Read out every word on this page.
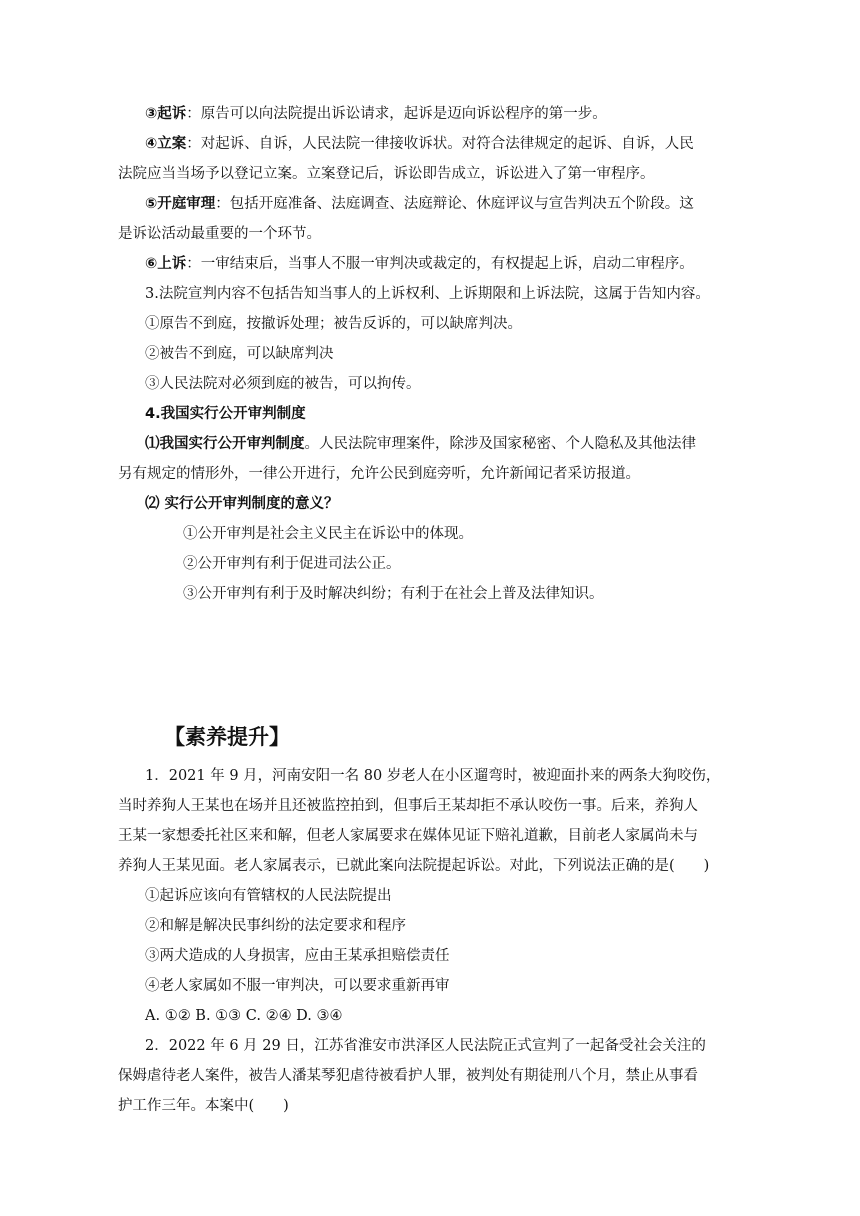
③起诉：原告可以向法院提出诉讼请求，起诉是迈向诉讼程序的第一步。
④立案：对起诉、自诉，人民法院一律接收诉状。对符合法律规定的起诉、自诉，人民
法院应当当场予以登记立案。立案登记后，诉讼即告成立，诉讼进入了第一审程序。
⑤开庭审理：包括开庭准备、法庭调查、法庭辩论、休庭评议与宣告判决五个阶段。这
是诉讼活动最重要的一个环节。
⑥上诉：一审结束后，当事人不服一审判决或裁定的，有权提起上诉，启动二审程序。
3.法院宣判内容不包括告知当事人的上诉权利、上诉期限和上诉法院，这属于告知内容。
①原告不到庭，按撤诉处理；被告反诉的，可以缺席判决。
②被告不到庭，可以缺席判决
③人民法院对必须到庭的被告，可以拘传。
4.我国实行公开审判制度
⑴我国实行公开审判制度。人民法院审理案件，除涉及国家秘密、个人隐私及其他法律
另有规定的情形外，一律公开进行，允许公民到庭旁听，允许新闻记者采访报道。
⑵ 实行公开审判制度的意义？
①公开审判是社会主义民主在诉讼中的体现。
②公开审判有利于促进司法公正。
③公开审判有利于及时解决纠纷；有利于在社会上普及法律知识。
【素养提升】
1．2021 年 9 月，河南安阳一名 80 岁老人在小区遛弯时，被迎面扑来的两条大狗咬伤，
当时养狗人王某也在场并且还被监控拍到，但事后王某却拒不承认咬伤一事。后来，养狗人
王某一家想委托社区来和解，但老人家属要求在媒体见证下赔礼道歉，目前老人家属尚未与
养狗人王某见面。老人家属表示，已就此案向法院提起诉讼。对此，下列说法正确的是(　　)
①起诉应该向有管辖权的人民法院提出
②和解是解决民事纠纷的法定要求和程序
③两犬造成的人身损害，应由王某承担赔偿责任
④老人家属如不服一审判决，可以要求重新再审
A. ①② B. ①③ C. ②④ D. ③④
2．2022 年 6 月 29 日，江苏省淮安市洪泽区人民法院正式宣判了一起备受社会关注的
保姆虐待老人案件，被告人潘某琴犯虐待被看护人罪，被判处有期徒刑八个月，禁止从事看
护工作三年。本案中(　　)
